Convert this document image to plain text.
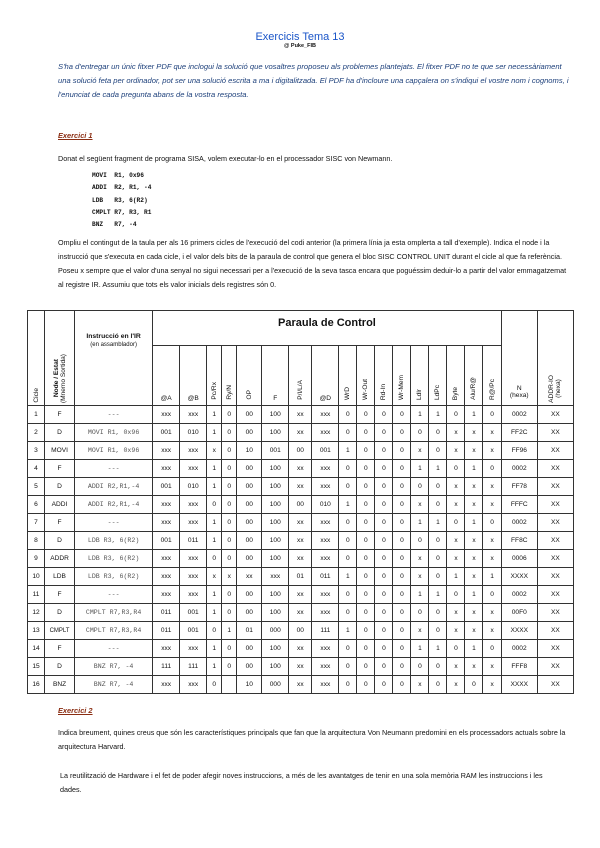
Exercicis Tema 13
@ Puke_FIB

S'ha d'entregar un únic fitxer PDF que inclogui la solució que vosaltres proposeu als problemes plantejats. El fitxer PDF no te que ser necessàriament una solució feta per ordinador, pot ser una solució escrita a ma i digitalitzada. El PDF ha d'incloure una capçalera on s'indiqui el vostre nom i cognoms, i l'enunciat de cada pregunta abans de la vostra resposta.

Exercici 1

Donat el següent fragment de programa SISA, volem executar-lo en el processador SISC von Newmann.

MOVI  R1, 0x96
ADDI  R2, R1, -4
LDB   R3, 6(R2)
CMPLT R7, R3, R1
BNZ   R7, -4

Ompliu el contingut de la taula per als 16 primers cicles de l'execució del codi anterior (la primera línia ja esta omplerta a tall d'exemple). Indica el node i la instrucció que s'executa en cada cicle, i el valor dels bits de la paraula de control que genera el bloc SISC CONTROL UNIT durant el cicle al que fa referència. Poseu x sempre que el valor d'una senyal no sigui necessari per a l'execució de la seva tasca encara que poguéssim deduir-lo a partir del valor emmagatzemat al registre IR. Assumiu que tots els valor inicials dels registres són 0.

Cicle	Node / Estat
(Mnemo Sortida)	Instrucció en l'IR
(en assamblador)	Paraula de Control																	N
(hexa)	ADDR-IO
(hexa)
			@A	@B	Pc/Rx	Ry/N	OP	F	P/I/L/A	@D	WrD	Wr-Out	Rd-In	Wr-Mem	Ldlr	LdPc	Byte	Alu/R@	R@/Pc		
1	F	---	xxx	xxx	1	0	00	100	xx	xxx	0	0	0	0	1	1	0	1	0	0002	XX
2	D	MOVI R1, 0x96	001	010	1	0	00	100	xx	xxx	0	0	0	0	0	0	x	x	x	FF2C	XX
3	MOVI	MOVI R1, 0x96	xxx	xxx	x	0	10	001	00	001	1	0	0	0	x	0	x	x	x	FF96	XX
4	F	---	xxx	xxx	1	0	00	100	xx	xxx	0	0	0	0	1	1	0	1	0	0002	XX
5	D	ADDI R2,R1,-4	001	010	1	0	00	100	xx	xxx	0	0	0	0	0	0	x	x	x	FF78	XX
6	ADDI	ADDI R2,R1,-4	xxx	xxx	0	0	00	100	00	010	1	0	0	0	x	0	x	x	x	FFFC	XX
7	F	---	xxx	xxx	1	0	00	100	xx	xxx	0	0	0	0	1	1	0	1	0	0002	XX
8	D	LDB R3, 6(R2)	001	011	1	0	00	100	xx	xxx	0	0	0	0	0	0	x	x	x	FF8C	XX
9	ADDR	LDB R3, 6(R2)	xxx	xxx	0	0	00	100	xx	xxx	0	0	0	0	x	0	x	x	x	0006	XX
10	LDB	LDB R3, 6(R2)	xxx	xxx	x	x	xx	xxx	01	011	1	0	0	0	x	0	1	x	1	XXXX	XX
11	F	---	xxx	xxx	1	0	00	100	xx	xxx	0	0	0	0	1	1	0	1	0	0002	XX
12	D	CMPLT R7,R3,R4	011	001	1	0	00	100	xx	xxx	0	0	0	0	0	0	x	x	x	00F0	XX
13	CMPLT	CMPLT R7,R3,R4	011	001	0	1	01	000	00	111	1	0	0	0	x	0	x	x	x	XXXX	XX
14	F	---	xxx	xxx	1	0	00	100	xx	xxx	0	0	0	0	1	1	0	1	0	0002	XX
15	D	BNZ R7, -4	111	111	1	0	00	100	xx	xxx	0	0	0	0	0	0	x	x	x	FFF8	XX
16	BNZ	BNZ R7, -4	xxx	xxx	0		10	000	xx	xxx	0	0	0	0	x	0	x	0	x	XXXX	XX

Exercici 2

Indica breument, quines creus que són les característiques principals que fan que la arquitectura Von Neumann predomini en els processadors actuals sobre la arquitectura Harvard.

La reutilització de Hardware i el fet de poder afegir noves instruccions, a més de les avantatges de tenir en una sola memòria RAM les instruccions i les dades.
